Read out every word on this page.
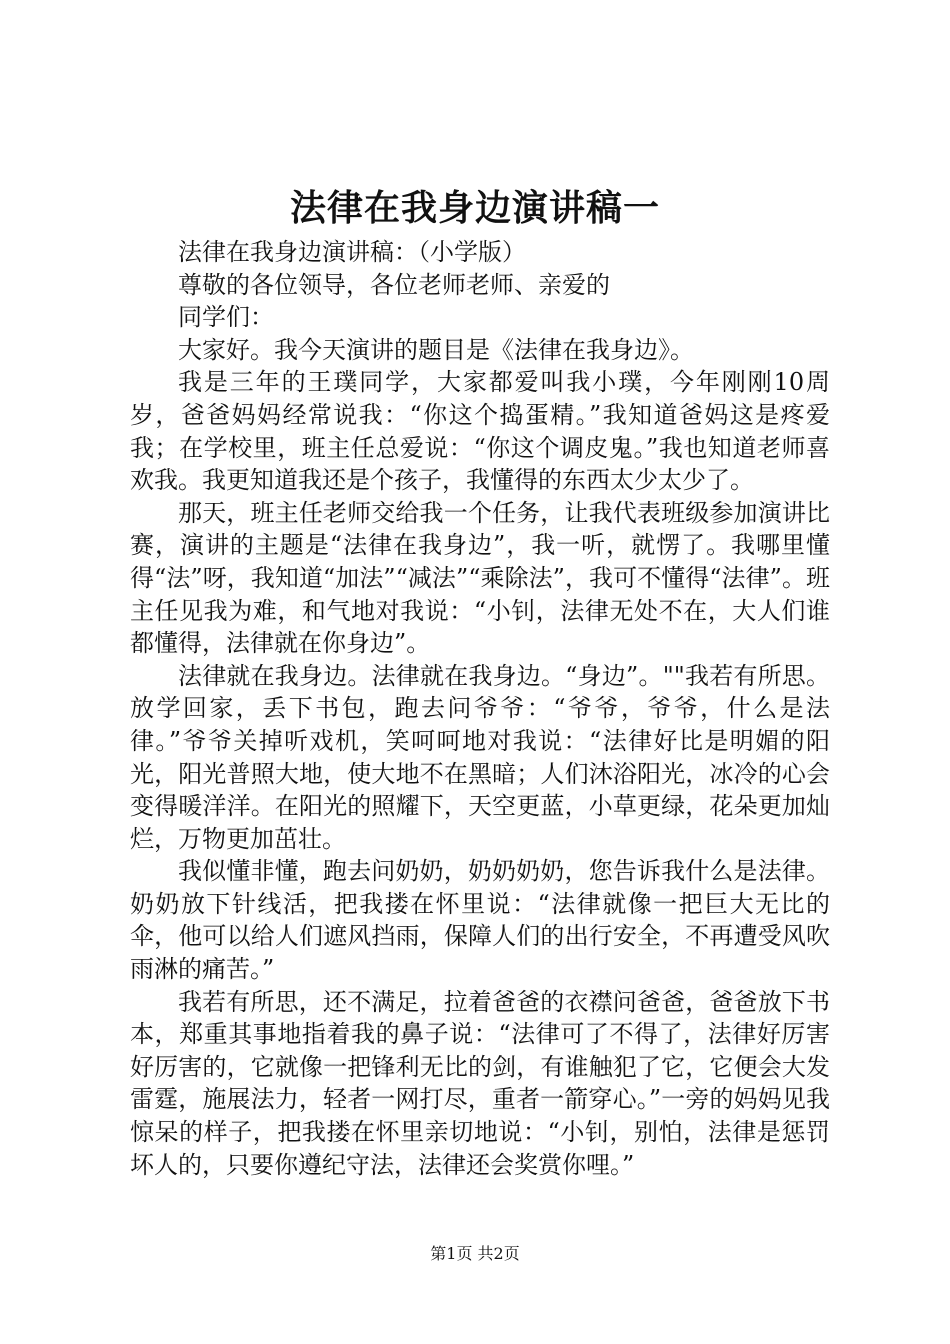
法律在我身边演讲稿一

法律在我身边演讲稿：（小学版）

尊敬的各位领导，各位老师老师、亲爱的

同学们：

大家好。我今天演讲的题目是《法律在我身边》。

我是三年的王璞同学，大家都爱叫我小璞，今年刚刚10周岁，爸爸妈妈经常说我：“你这个捣蛋精。”我知道爸妈这是疼爱我；在学校里，班主任总爱说：“你这个调皮鬼。”我也知道老师喜欢我。我更知道我还是个孩子，我懂得的东西太少太少了。

那天，班主任老师交给我一个任务，让我代表班级参加演讲比赛，演讲的主题是“法律在我身边”，我一听，就愣了。我哪里懂得“法”呀，我知道“加法”“减法”“乘除法”，我可不懂得“法律”。班主任见我为难，和气地对我说：“小钊，法律无处不在，大人们谁都懂得，法律就在你身边”。

法律就在我身边。法律就在我身边。“身边”。""我若有所思。放学回家，丢下书包，跑去问爷爷：“爷爷，爷爷，什么是法律。”爷爷关掉听戏机，笑呵呵地对我说：“法律好比是明媚的阳光，阳光普照大地，使大地不在黑暗；人们沐浴阳光，冰冷的心会变得暖洋洋。在阳光的照耀下，天空更蓝，小草更绿，花朵更加灿烂，万物更加茁壮。

我似懂非懂，跑去问奶奶，奶奶奶奶，您告诉我什么是法律。奶奶放下针线活，把我搂在怀里说：“法律就像一把巨大无比的伞，他可以给人们遮风挡雨，保障人们的出行安全，不再遭受风吹雨淋的痛苦。”

我若有所思，还不满足，拉着爸爸的衣襟问爸爸，爸爸放下书本，郑重其事地指着我的鼻子说：“法律可了不得了，法律好厉害好厉害的，它就像一把锋利无比的剑，有谁触犯了它，它便会大发雷霆，施展法力，轻者一网打尽，重者一箭穿心。”一旁的妈妈见我惊呆的样子，把我搂在怀里亲切地说：“小钊，别怕，法律是惩罚坏人的，只要你遵纪守法，法律还会奖赏你哩。”

第1页 共2页
